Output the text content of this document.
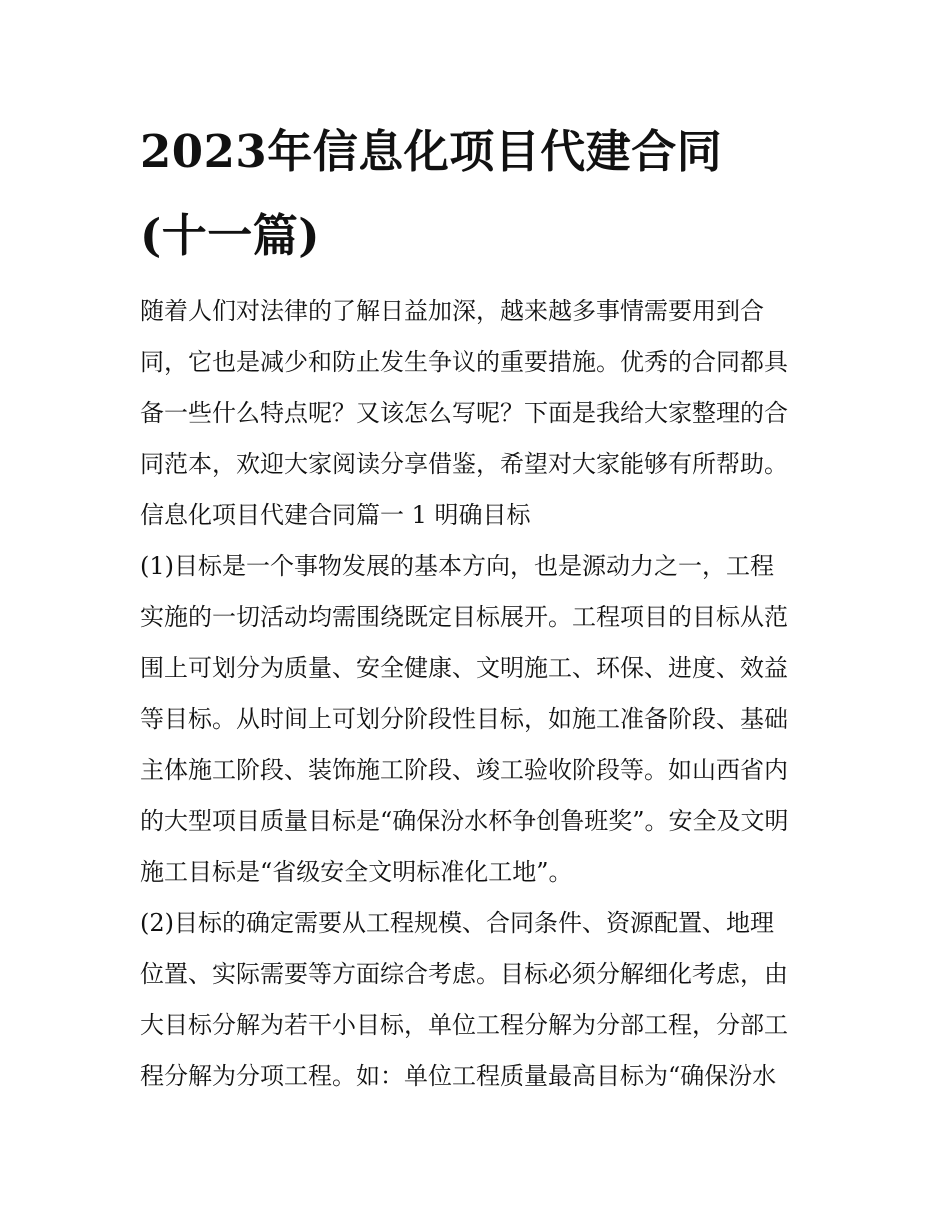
2023年信息化项目代建合同
(十一篇)

随着人们对法律的了解日益加深，越来越多事情需要用到合
同，它也是减少和防止发生争议的重要措施。优秀的合同都具
备一些什么特点呢？又该怎么写呢？下面是我给大家整理的合
同范本，欢迎大家阅读分享借鉴，希望对大家能够有所帮助。

信息化项目代建合同篇一 1 明确目标

(1)目标是一个事物发展的基本方向，也是源动力之一，工程
实施的一切活动均需围绕既定目标展开。工程项目的目标从范
围上可划分为质量、安全健康、文明施工、环保、进度、效益
等目标。从时间上可划分阶段性目标，如施工准备阶段、基础
主体施工阶段、装饰施工阶段、竣工验收阶段等。如山西省内
的大型项目质量目标是“确保汾水杯争创鲁班奖”。安全及文明
施工目标是“省级安全文明标准化工地”。

(2)目标的确定需要从工程规模、合同条件、资源配置、地理
位置、实际需要等方面综合考虑。目标必须分解细化考虑，由
大目标分解为若干小目标，单位工程分解为分部工程，分部工
程分解为分项工程。如：单位工程质量最高目标为“确保汾水
